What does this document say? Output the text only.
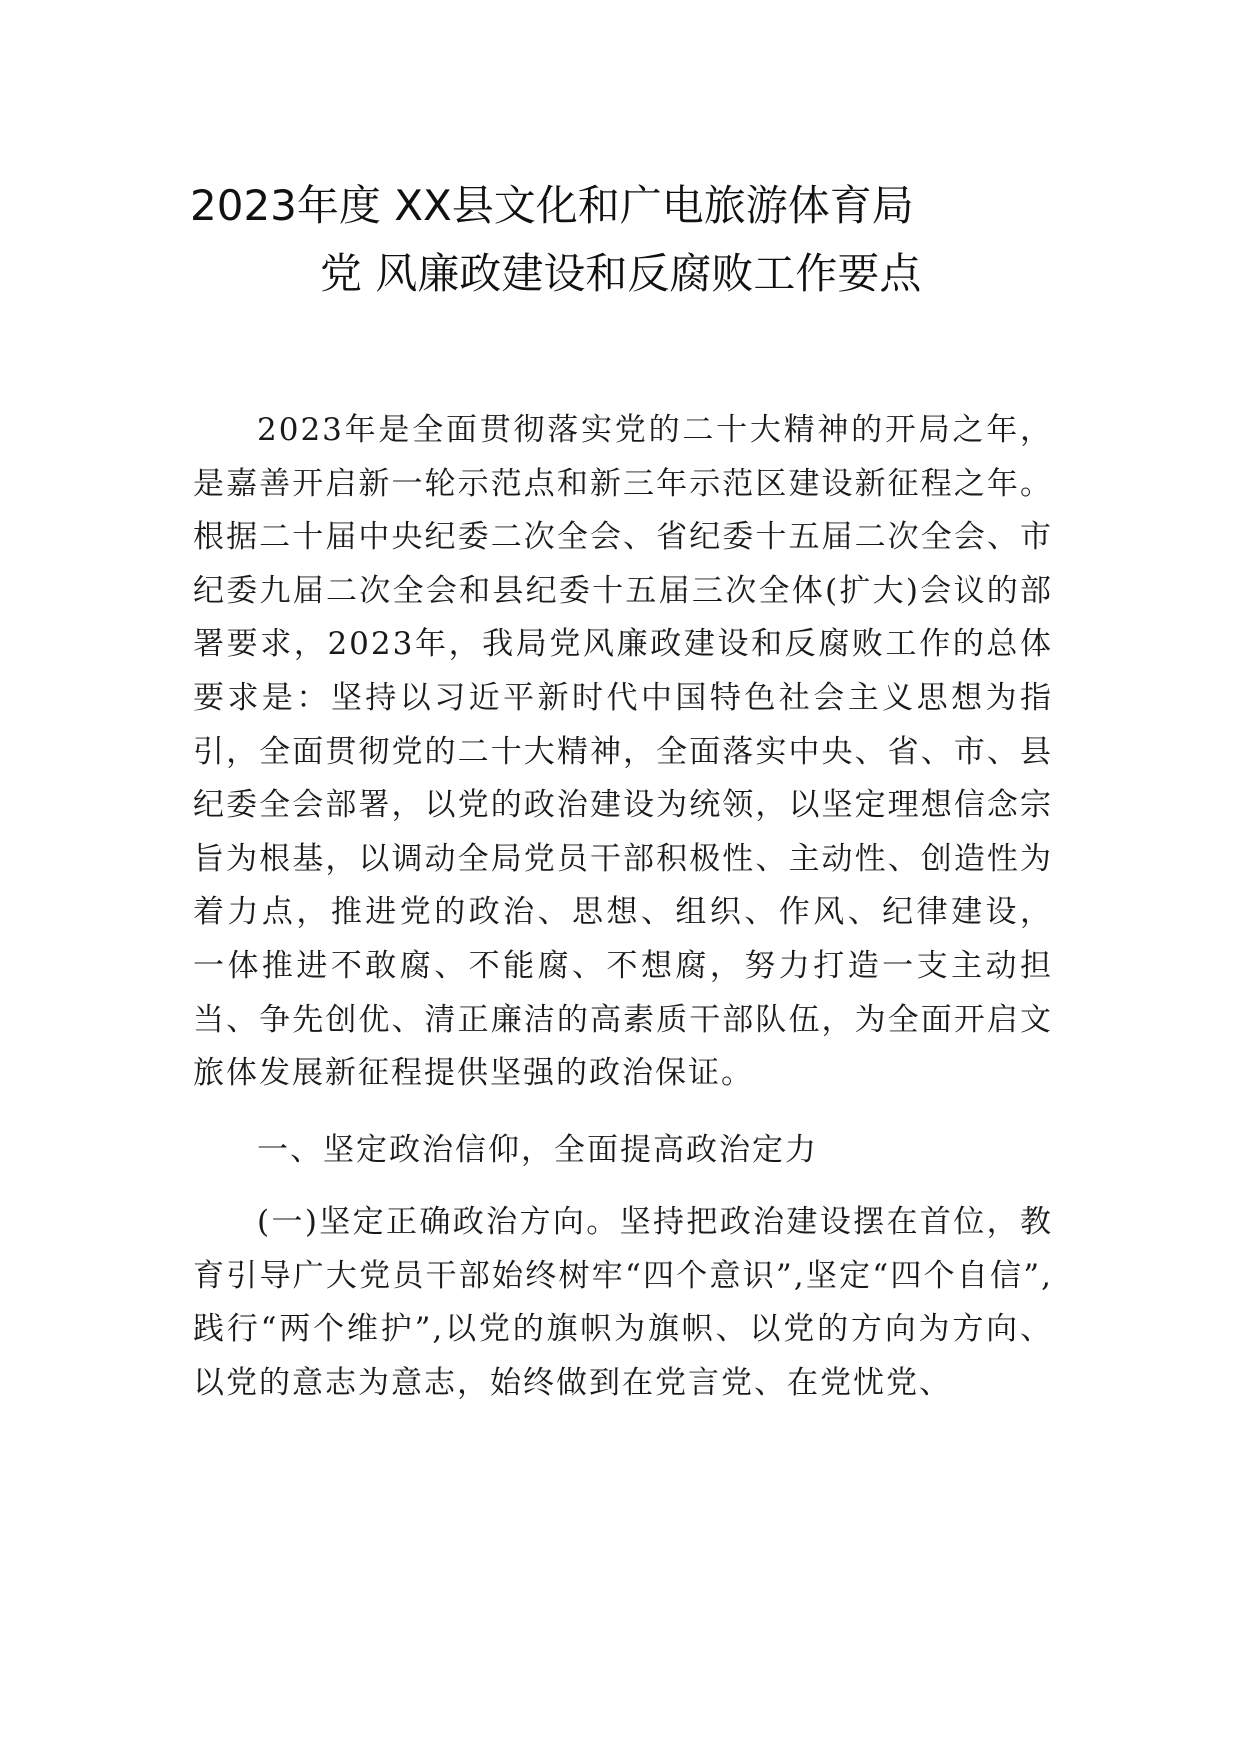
2023年度 XX县文化和广电旅游体育局
党 风廉政建设和反腐败工作要点

2023年是全面贯彻落实党的二十大精神的开局之年，是嘉善开启新一轮示范点和新三年示范区建设新征程之年。根据二十届中央纪委二次全会、省纪委十五届二次全会、市纪委九届二次全会和县纪委十五届三次全体(扩大)会议的部署要求，2023年，我局党风廉政建设和反腐败工作的总体要求是：坚持以习近平新时代中国特色社会主义思想为指引，全面贯彻党的二十大精神，全面落实中央、省、市、县纪委全会部署，以党的政治建设为统领，以坚定理想信念宗旨为根基，以调动全局党员干部积极性、主动性、创造性为着力点，推进党的政治、思想、组织、作风、纪律建设， 一体推进不敢腐、不能腐、不想腐，努力打造一支主动担当、争先创优、清正廉洁的高素质干部队伍，为全面开启文旅体发展新征程提供坚强的政治保证。

一、坚定政治信仰，全面提高政治定力

(一)坚定正确政治方向。坚持把政治建设摆在首位，教育引导广大党员干部始终树牢“四个意识”,坚定“四个自信”,践行“两个维护”,以党的旗帜为旗帜、以党的方向为方向、以党的意志为意志，始终做到在党言党、在党忧党、
